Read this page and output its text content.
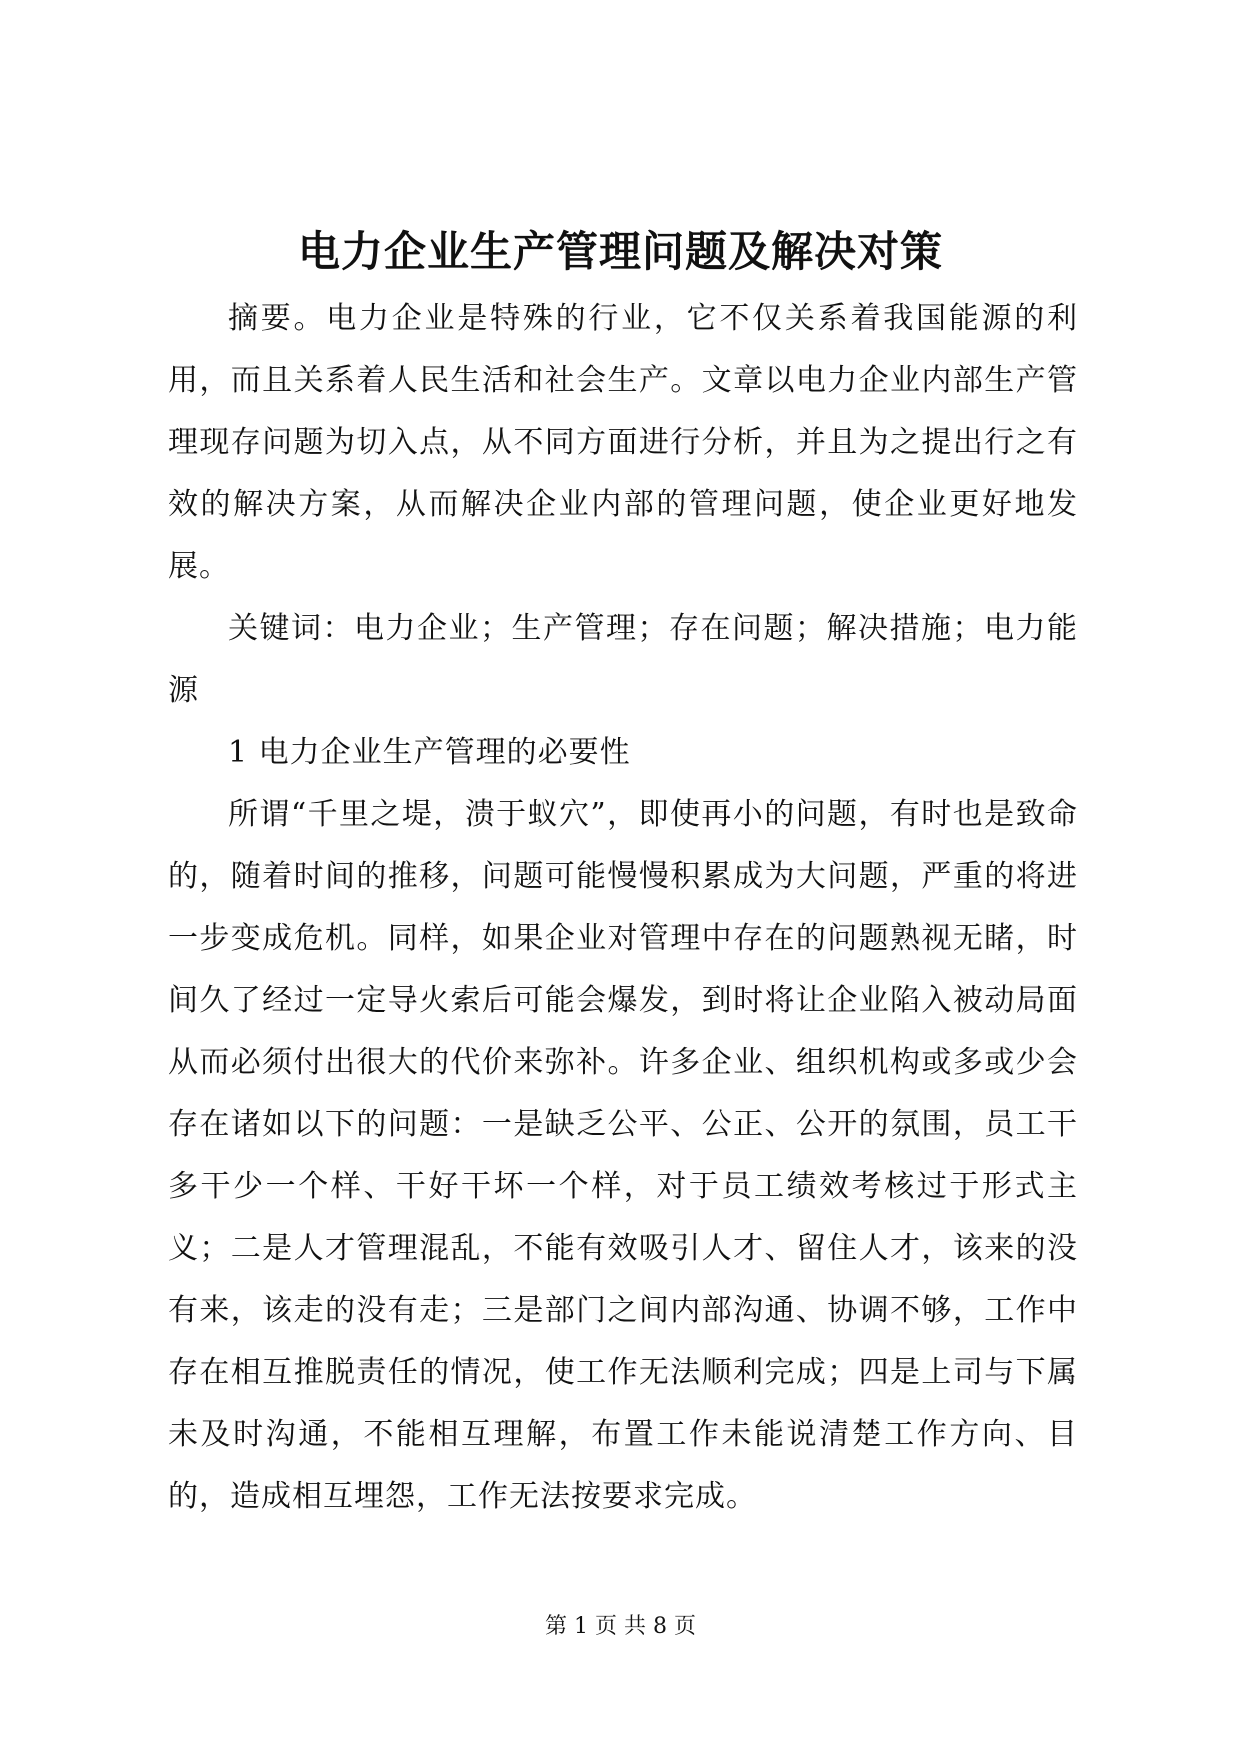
电力企业生产管理问题及解决对策

摘要。电力企业是特殊的行业，它不仅关系着我国能源的利用，而且关系着人民生活和社会生产。文章以电力企业内部生产管理现存问题为切入点，从不同方面进行分析，并且为之提出行之有效的解决方案，从而解决企业内部的管理问题，使企业更好地发展。

关键词：电力企业；生产管理；存在问题；解决措施；电力能源

1 电力企业生产管理的必要性

所谓“千里之堤，溃于蚁穴”，即使再小的问题，有时也是致命的，随着时间的推移，问题可能慢慢积累成为大问题，严重的将进一步变成危机。同样，如果企业对管理中存在的问题熟视无睹，时间久了经过一定导火索后可能会爆发，到时将让企业陷入被动局面从而必须付出很大的代价来弥补。许多企业、组织机构或多或少会存在诸如以下的问题：一是缺乏公平、公正、公开的氛围，员工干多干少一个样、干好干坏一个样，对于员工绩效考核过于形式主义；二是人才管理混乱，不能有效吸引人才、留住人才，该来的没有来，该走的没有走；三是部门之间内部沟通、协调不够，工作中存在相互推脱责任的情况，使工作无法顺利完成；四是上司与下属未及时沟通，不能相互理解，布置工作未能说清楚工作方向、目的，造成相互埋怨，工作无法按要求完成。

第 1 页 共 8 页
